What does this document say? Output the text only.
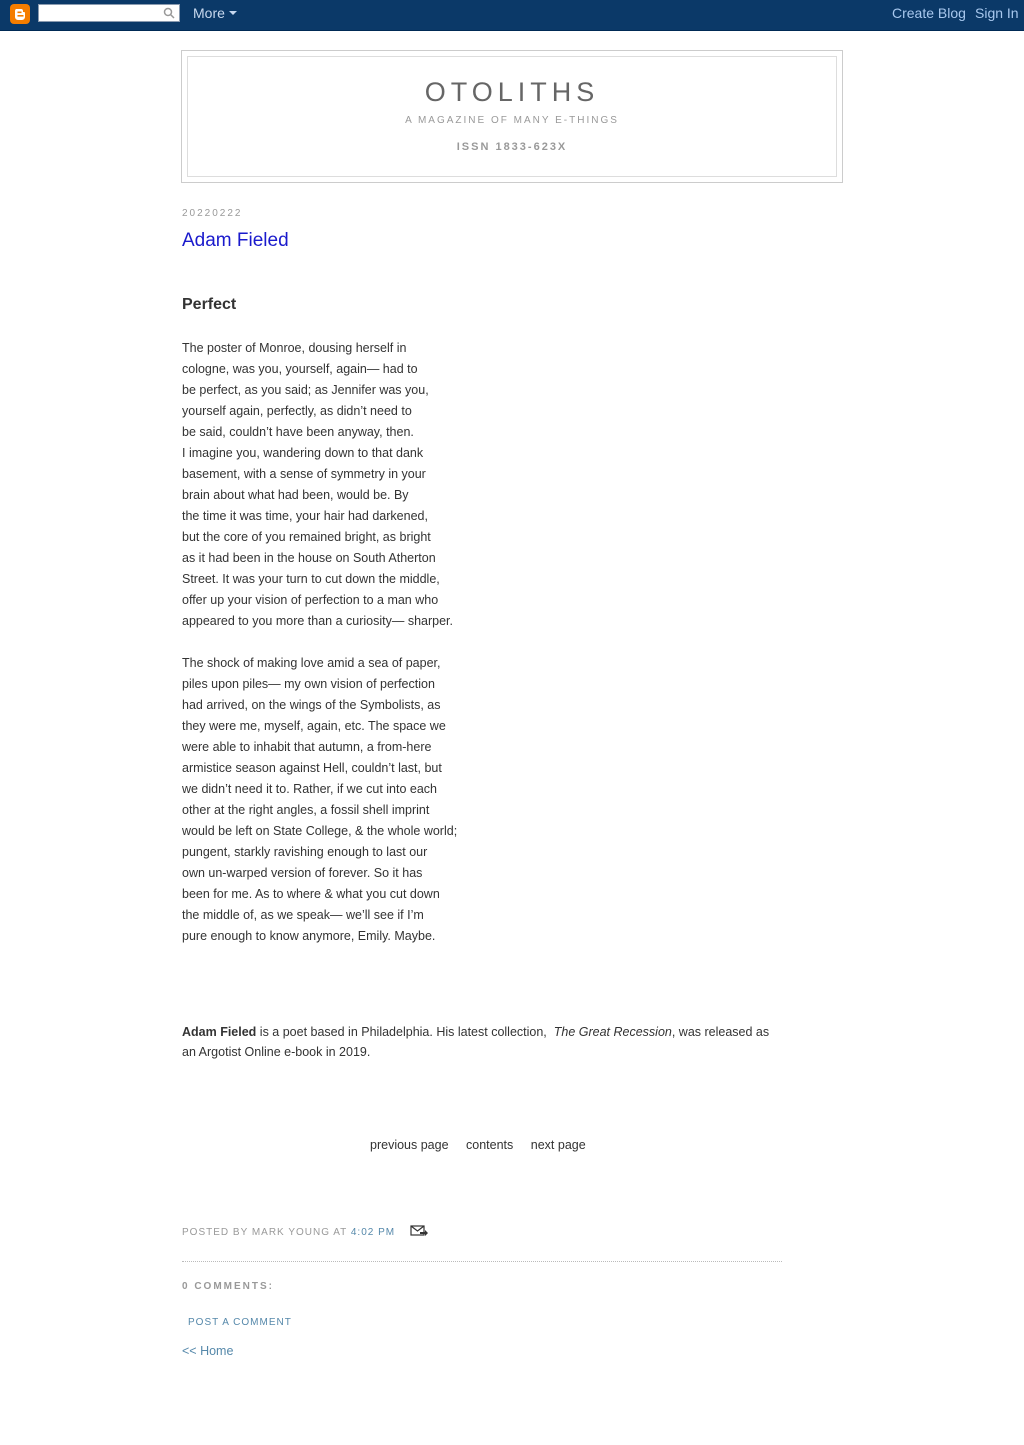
More	Create Blog Sign In
OTOLITHS
A MAGAZINE OF MANY E-THINGS
ISSN 1833-623X
20220222
Adam Fieled
Perfect
The poster of Monroe, dousing herself in
cologne, was you, yourself, again— had to
be perfect, as you said; as Jennifer was you,
yourself again, perfectly, as didn’t need to
be said, couldn’t have been anyway, then.
I imagine you, wandering down to that dank
basement, with a sense of symmetry in your
brain about what had been, would be. By
the time it was time, your hair had darkened,
but the core of you remained bright, as bright
as it had been in the house on South Atherton
Street. It was your turn to cut down the middle,
offer up your vision of perfection to a man who
appeared to you more than a curiosity— sharper.
The shock of making love amid a sea of paper,
piles upon piles— my own vision of perfection
had arrived, on the wings of the Symbolists, as
they were me, myself, again, etc. The space we
were able to inhabit that autumn, a from-here
armistice season against Hell, couldn’t last, but
we didn’t need it to. Rather, if we cut into each
other at the right angles, a fossil shell imprint
would be left on State College, & the whole world;
pungent, starkly ravishing enough to last our
own un-warped version of forever. So it has
been for me. As to where & what you cut down
the middle of, as we speak— we’ll see if I’m
pure enough to know anymore, Emily. Maybe.
Adam Fieled is a poet based in Philadelphia. His latest collection,  The Great Recession, was released as an Argotist Online e-book in 2019.
previous page contents next page
POSTED BY MARK YOUNG AT 4:02 PM
0 COMMENTS:
POST A COMMENT
<< Home
